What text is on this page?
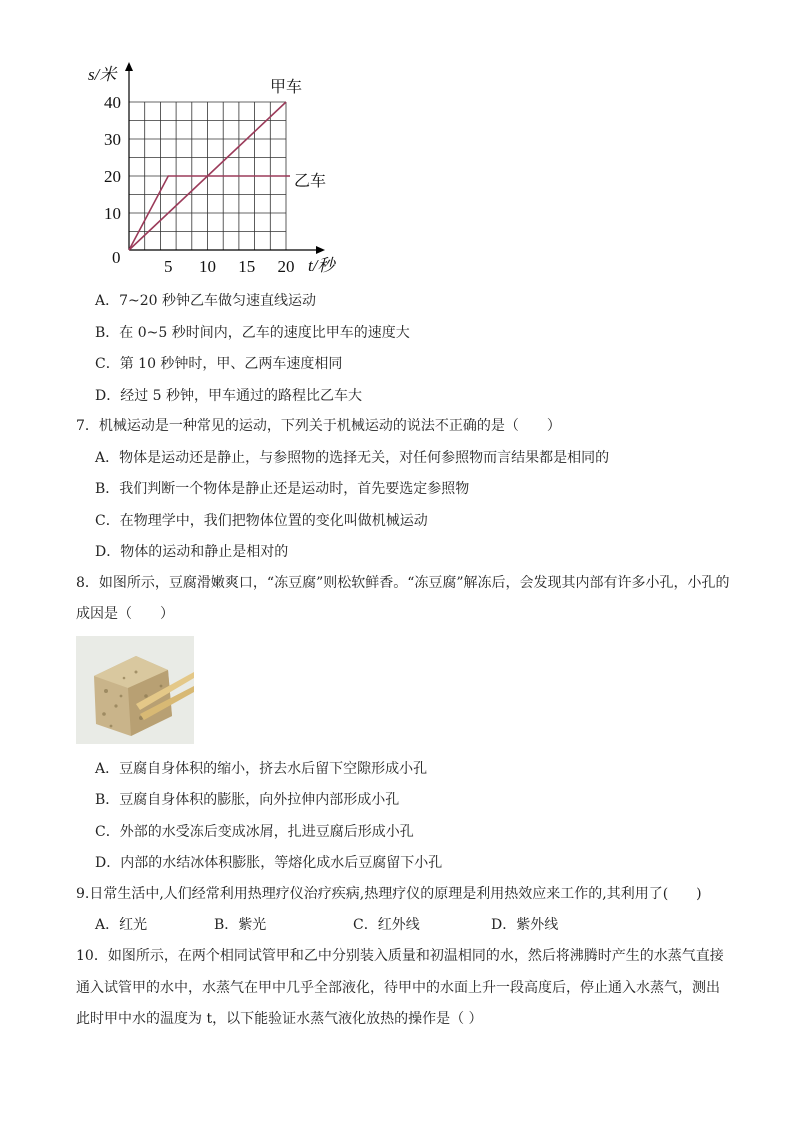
s/米
t/秒
0
甲车
乙车
5 10 15 20
10
20
30
40
A．7~20 秒钟乙车做匀速直线运动
B．在 0~5 秒时间内，乙车的速度比甲车的速度大
C．第 10 秒钟时，甲、乙两车速度相同
D．经过 5 秒钟，甲车通过的路程比乙车大
7．机械运动是一种常见的运动，下列关于机械运动的说法不正确的是（　　）
A．物体是运动还是静止，与参照物的选择无关，对任何参照物而言结果都是相同的
B．我们判断一个物体是静止还是运动时，首先要选定参照物
C．在物理学中，我们把物体位置的变化叫做机械运动
D．物体的运动和静止是相对的
8．如图所示，豆腐滑嫩爽口，“冻豆腐”则松软鲜香。“冻豆腐”解冻后，会发现其内部有许多小孔，小孔的
成因是（　　）
A．豆腐自身体积的缩小，挤去水后留下空隙形成小孔
B．豆腐自身体积的膨胀，向外拉伸内部形成小孔
C．外部的水受冻后变成冰屑，扎进豆腐后形成小孔
D．内部的水结冰体积膨胀，等熔化成水后豆腐留下小孔
9.日常生活中,人们经常利用热理疗仪治疗疾病,热理疗仪的原理是利用热效应来工作的,其利用了(　　)
A．红光	B．紫光	C．红外线	D．紫外线
10．如图所示，在两个相同试管甲和乙中分别装入质量和初温相同的水，然后将沸腾时产生的水蒸气直接
通入试管甲的水中，水蒸气在甲中几乎全部液化，待甲中的水面上升一段高度后，停止通入水蒸气，测出
此时甲中水的温度为 t，以下能验证水蒸气液化放热的操作是（ ）
